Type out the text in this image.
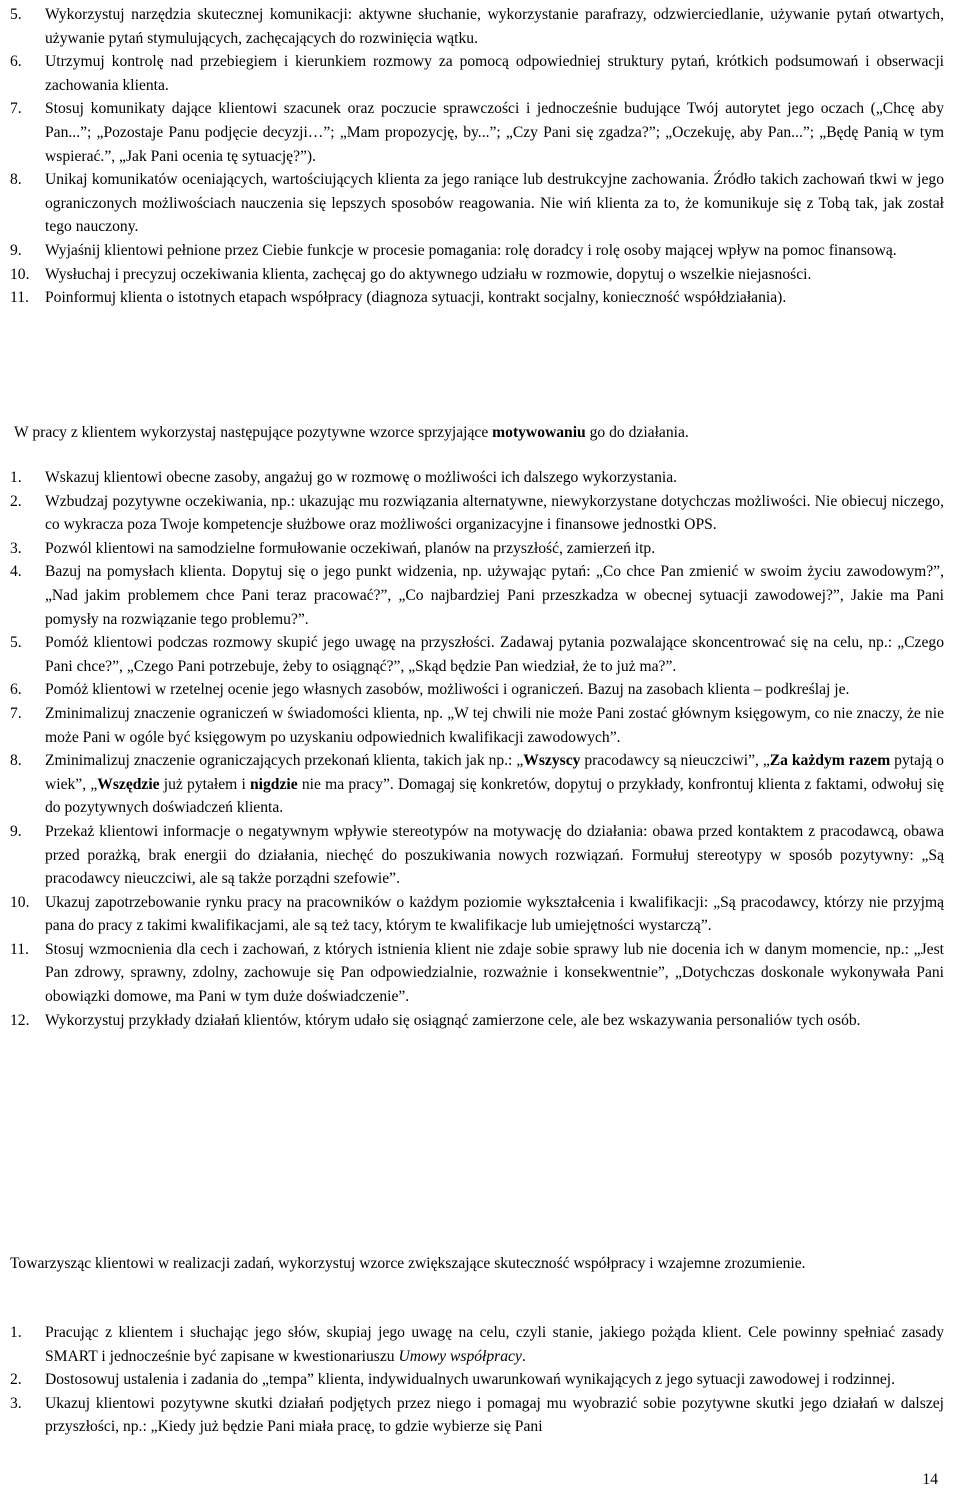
5. Wykorzystuj narzędzia skutecznej komunikacji: aktywne słuchanie, wykorzystanie parafrazy, odzwierciedlanie, używanie pytań otwartych, używanie pytań stymulujących, zachęcających do rozwinięcia wątku.
6. Utrzymuj kontrolę nad przebiegiem i kierunkiem rozmowy za pomocą odpowiedniej struktury pytań, krótkich podsumowań i obserwacji zachowania klienta.
7. Stosuj komunikaty dające klientowi szacunek oraz poczucie sprawczości i jednocześnie budujące Twój autorytet jego oczach („Chcę aby Pan...”; „Pozostaje Panu podjęcie decyzji…”; „Mam propozycję, by...”; „Czy Pani się zgadza?”; „Oczekuję, aby Pan...”; „Będę Panią w tym wspierać.”, „Jak Pani ocenia tę sytuację?”).
8. Unikaj komunikatów oceniających, wartościujących klienta za jego raniące lub destrukcyjne zachowania. Źródło takich zachowań tkwi w jego ograniczonych możliwościach nauczenia się lepszych sposobów reagowania. Nie wiń klienta za to, że komunikuje się z Tobą tak, jak został tego nauczony.
9. Wyjaśnij klientowi pełnione przez Ciebie funkcje w procesie pomagania: rolę doradcy i rolę osoby mającej wpływ na pomoc finansową.
10. Wysłuchaj i precyzuj oczekiwania klienta, zachęcaj go do aktywnego udziału w rozmowie, dopytuj o wszelkie niejasności.
11. Poinformuj klienta o istotnych etapach współpracy (diagnoza sytuacji, kontrakt socjalny, konieczność współdziałania).
W pracy z klientem wykorzystaj następujące pozytywne wzorce sprzyjające motywowaniu go do działania.
1. Wskazuj klientowi obecne zasoby, angażuj go w rozmowę o możliwości ich dalszego wykorzystania.
2. Wzbudzaj pozytywne oczekiwania, np.: ukazując mu rozwiązania alternatywne, niewykorzystane dotychczas możliwości. Nie obiecuj niczego, co wykracza poza Twoje kompetencje służbowe oraz możliwości organizacyjne i finansowe jednostki OPS.
3. Pozwól klientowi na samodzielne formułowanie oczekiwań, planów na przyszłość, zamierzeń itp.
4. Bazuj na pomysłach klienta. Dopytuj się o jego punkt widzenia, np. używając pytań: „Co chce Pan zmienić w swoim życiu zawodowym?”, „Nad jakim problemem chce Pani teraz pracować?”, „Co najbardziej Pani przeszkadza w obecnej sytuacji zawodowej?”, Jakie ma Pani pomysły na rozwiązanie tego problemu?”.
5. Pomóż klientowi podczas rozmowy skupić jego uwagę na przyszłości. Zadawaj pytania pozwalające skoncentrować się na celu, np.: „Czego Pani chce?”, „Czego Pani potrzebuje, żeby to osiągnąć?”, „Skąd będzie Pan wiedział, że to już ma?”.
6. Pomóż klientowi w rzetelnej ocenie jego własnych zasobów, możliwości i ograniczeń. Bazuj na zasobach klienta – podkreślaj je.
7. Zminimalizuj znaczenie ograniczeń w świadomości klienta, np. „W tej chwili nie może Pani zostać głównym księgowym, co nie znaczy, że nie może Pani w ogóle być księgowym po uzyskaniu odpowiednich kwalifikacji zawodowych”.
8. Zminimalizuj znaczenie ograniczających przekonań klienta, takich jak np.: „Wszyscy pracodawcy są nieuczciwi”, „Za każdym razem pytają o wiek”, „Wszędzie już pytałem i nigdzie nie ma pracy”. Domagaj się konkretów, dopytuj o przykłady, konfrontuj klienta z faktami, odwołuj się do pozytywnych doświadczeń klienta.
9. Przekaż klientowi informacje o negatywnym wpływie stereotypów na motywację do działania: obawa przed kontaktem z pracodawcą, obawa przed porażką, brak energii do działania, niechęć do poszukiwania nowych rozwiązań. Formułuj stereotypy w sposób pozytywny: „Są pracodawcy nieuczciwi, ale są także porządni szefowie”.
10. Ukazuj zapotrzebowanie rynku pracy na pracowników o każdym poziomie wykształcenia i kwalifikacji: „Są pracodawcy, którzy nie przyjmą pana do pracy z takimi kwalifikacjami, ale są też tacy, którym te kwalifikacje lub umiejętności wystarczą”.
11. Stosuj wzmocnienia dla cech i zachowań, z których istnienia klient nie zdaje sobie sprawy lub nie docenia ich w danym momencie, np.: „Jest Pan zdrowy, sprawny, zdolny, zachowuje się Pan odpowiedzialnie, rozważnie i konsekwentnie”, „Dotychczas doskonale wykonywała Pani obowiązki domowe, ma Pani w tym duże doświadczenie”.
12. Wykorzystuj przykłady działań klientów, którym udało się osiągnąć zamierzone cele, ale bez wskazywania personaliów tych osób.
Towarzysząc klientowi w realizacji zadań, wykorzystuj wzorce zwiększające skuteczność współpracy i wzajemne zrozumienie.
1. Pracując z klientem i słuchając jego słów, skupiaj jego uwagę na celu, czyli stanie, jakiego pożąda klient. Cele powinny spełniać zasady SMART i jednocześnie być zapisane w kwestionariuszu Umowy współpracy.
2. Dostosowuj ustalenia i zadania do „tempa” klienta, indywidualnych uwarunkowań wynikających z jego sytuacji zawodowej i rodzinnej.
3. Ukazuj klientowi pozytywne skutki działań podjętych przez niego i pomagaj mu wyobrazić sobie pozytywne skutki jego działań w dalszej przyszłości, np.: „Kiedy już będzie Pani miała pracę, to gdzie wybierze się Pani
14
